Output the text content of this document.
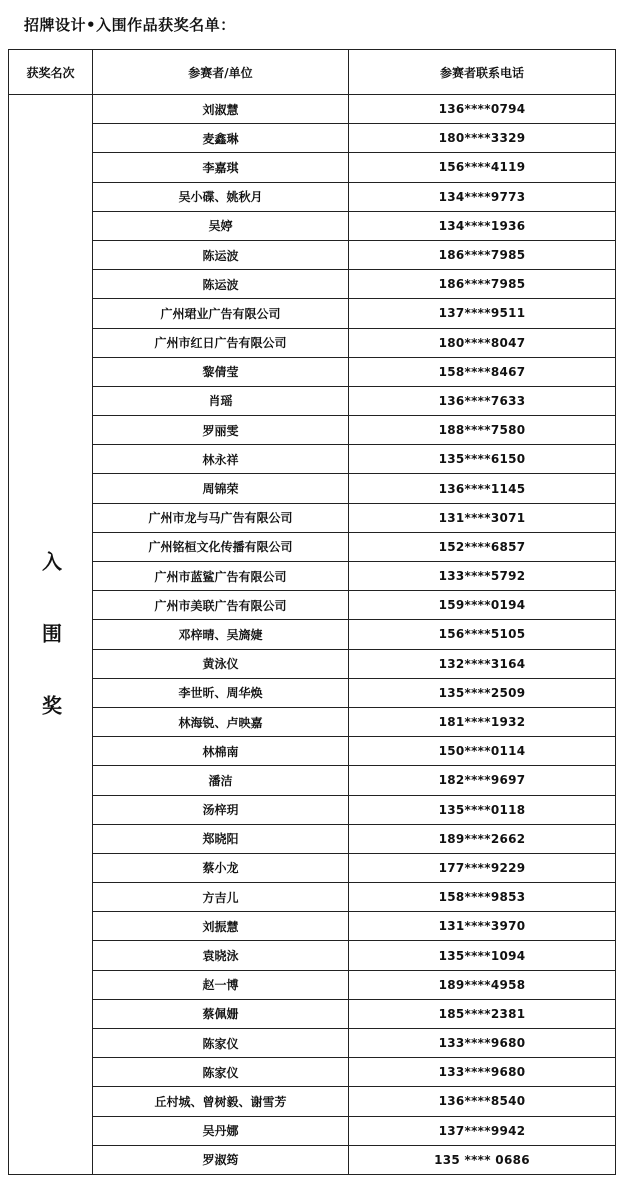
招牌设计•入围作品获奖名单：
获奖名次	参赛者/单位	参赛者联系电话
入围奖	刘淑慧	136****0794
	麦鑫琳	180****3329
	李嘉琪	156****4119
	吴小碟、姚秋月	134****9773
	吴婷	134****1936
	陈运波	186****7985
	陈运波	186****7985
	广州珺业广告有限公司	137****9511
	广州市红日广告有限公司	180****8047
	黎倩莹	158****8467
	肖瑶	136****7633
	罗丽雯	188****7580
	林永祥	135****6150
	周锦荣	136****1145
	广州市龙与马广告有限公司	131****3071
	广州铭桓文化传播有限公司	152****6857
	广州市蓝鲨广告有限公司	133****5792
	广州市美联广告有限公司	159****0194
	邓梓晴、吴旖婕	156****5105
	黄泳仪	132****3164
	李世昕、周华焕	135****2509
	林海锐、卢映嘉	181****1932
	林棉南	150****0114
	潘洁	182****9697
	汤梓玥	135****0118
	郑晓阳	189****2662
	蔡小龙	177****9229
	方吉儿	158****9853
	刘振慧	131****3970
	袁晓泳	135****1094
	赵一博	189****4958
	蔡佩姗	185****2381
	陈家仪	133****9680
	陈家仪	133****9680
	丘村城、曾树毅、谢雪芳	136****8540
	吴丹娜	137****9942
	罗淑筠	135 **** 0686
